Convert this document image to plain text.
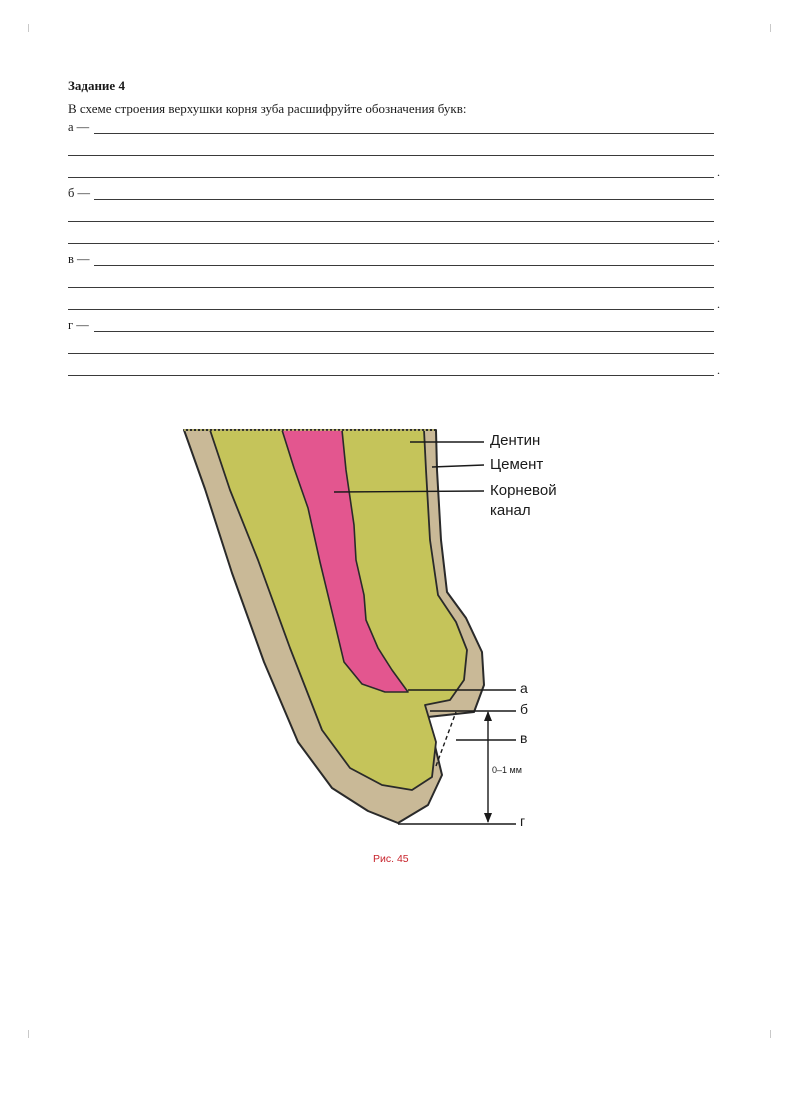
Задание 4
В схеме строения верхушки корня зуба расшифруйте обозначения букв:
а —
.
б —
.
в —
.
г —
.
Дентин
Цемент
Корневой
канал
а
б
в
г
0–1 мм
Рис. 45
